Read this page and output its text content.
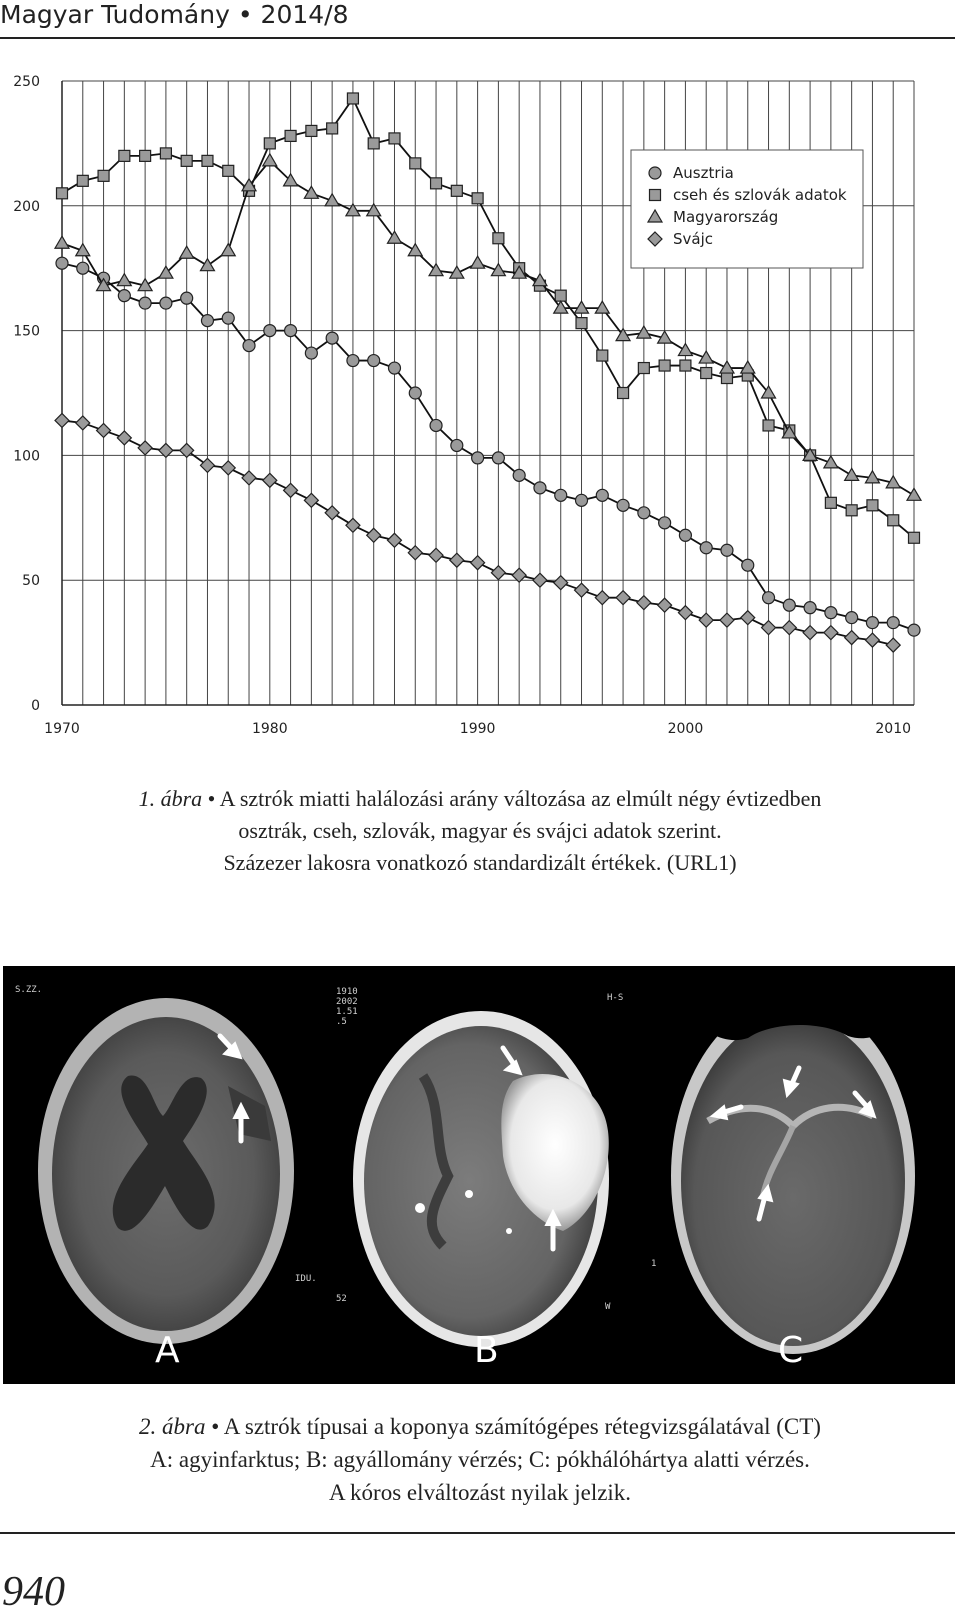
Magyar Tudomány • 2014/8
0
50
100
150
200
250
1970	1980	1990	2000	2010
Ausztria
cseh és szlovák adatok
Magyarország
Svájc
1. ábra • A sztrók miatti halálozási arány változása az elmúlt négy évtizedben
osztrák, cseh, szlovák, magyar és svájci adatok szerint.
Százezer lakosra vonatkozó standardizált értékek. (URL1)
S.ZZ.	1910
2002
1.51
.5
H-S
IDU.
52
W
1
A	B	C
2. ábra • A sztrók típusai a koponya számítógépes rétegvizsgálatával (CT)
A: agyinfarktus; B: agyállomány vérzés; C: pókhálóhártya alatti vérzés.
A kóros elváltozást nyilak jelzik.
940
